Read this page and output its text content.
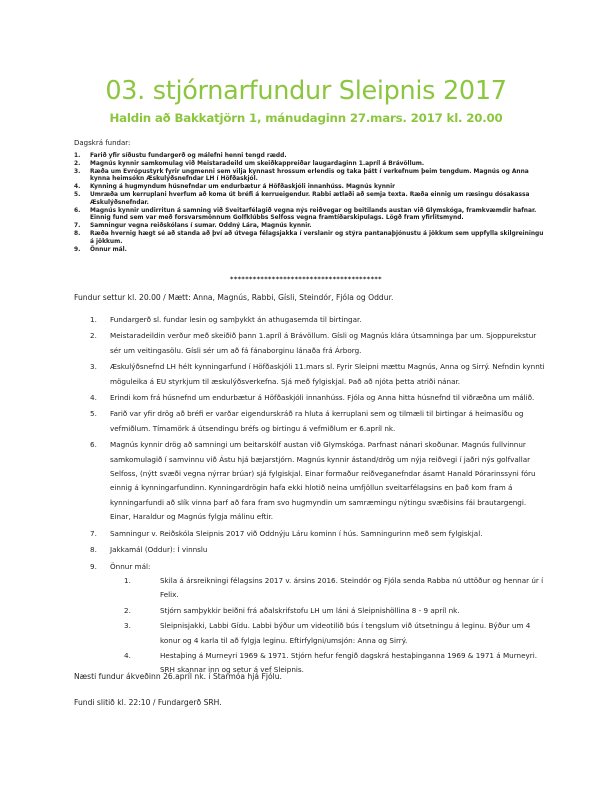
03. stjórnarfundur Sleipnis 2017
Haldin að Bakkatjörn 1, mánudaginn 27.mars. 2017 kl. 20.00
Dagskrá fundar:
1. Farið yfir síðustu fundargerð og málefni henni tengd rædd.
2. Magnús kynnir samkomulag við Meistaradeild um skeiðkappreiðar laugardaginn 1.apríl á Brávöllum.
3. Ræða um Evrópustyrk fyrir ungmenni sem vilja kynnast hrossum erlendis og taka þátt í verkefnum þeim tengdum. Magnús og Anna kynna heimsókn Æskulýðsnefndar LH í Höfðaskjól.
4. Kynning á hugmyndum húsnefndar um endurbætur á Höfðaskjóli innanhúss. Magnús kynnir
5. Umræða um kerruplani hverfum að koma út bréfi á kerrueigendur. Rabbi ætlaði að semja texta. Ræða einnig um ræsingu dósakassa Æskulýðsnefndar.
6. Magnús kynnir undirritun á samning við Sveitarfélagið vegna nýs reiðvegar og beitilands austan við Glymskóga, framkvæmdir hafnar. Einnig fund sem var með forsvarsmönnum Golfklúbbs Selfoss vegna framtíðarskipulags. Lögð fram yfirlitsmynd.
7. Samningur vegna reiðskólans í sumar. Oddný Lára, Magnús kynnir.
8. Ræða hvernig hægt sé að standa að því að útvega félagsjakka í verslanir og stýra pantanaþjónustu á jökkum sem uppfylla skilgreiningu á jökkum.
9. Önnur mál.
****************************************
Fundur settur kl. 20.00 / Mætt: Anna, Magnús, Rabbi, Gísli, Steindór, Fjóla og Oddur.
1. Fundargerð sl. fundar lesin og samþykkt án athugasemda til birtingar.
2. Meistaradeildin verður með skeiðið þann 1.apríl á Brávöllum. Gísli og Magnús klára útsamninga þar um. Sjoppurekstur sér um veitingasölu. Gísli sér um að fá fánaborginu lánaða frá Árborg.
3. Æskulýðsnefnd LH hélt kynningarfund í Höfðaskjóli 11.mars sl. Fyrir Sleipni mættu Magnús, Anna og Sirrý. Nefndin kynnti möguleika á EU styrkjum til æskulýðsverkefna. Sjá með fylgiskjal. Það að njóta þetta atriði nánar.
4. Erindi kom frá húsnefnd um endurbætur á Höfðaskjóli innanhúss. Fjóla og Anna hitta húsnefnd til viðræðna um málið.
5. Farið var yfir drög að bréfi er varðar eigendurskráð ra hluta á kerruplani sem og tilmæli til birtingar á heimasíðu og vefmiðlum. Tímamörk á útsendingu bréfs og birtingu á vefmiðlum er 6.apríl nk.
6. Magnús kynnir drög að samningi um beitarskólf austan við Glymskóga. Þarfnast nánari skoðunar. Magnús fullvinnur samkomulagið í samvinnu við Ástu hjá bæjarstjórn. Magnús kynnir ástand/drög um nýja reiðvegi í jaðri nýs golfvallar Selfoss, (nýtt svæði vegna nýrrar brúar) sjá fylgiskjal. Einar formaður reiðveganefndar ásamt Hanald Þórarinssyni fóru einnig á kynningarfundinn. Kynningardrögin hafa ekki hlotið neina umfjöllun sveitarfélagsins en það kom fram á kynningarfundi að slík vinna þarf að fara fram svo hugmyndin um samræmingu nýtingu svæðisins fái brautargengi. Einar, Haraldur og Magnús fylgja málinu eftir.
7. Samningur v. Reiðskóla Sleipnis 2017 við Oddnýju Láru kominn í hús. Samningurinn með sem fylgiskjal.
8. Jakkamál (Oddur): Í vinnslu
9. Önnur mál:
1.	Skila á ársreikningi félagsins 2017 v. ársins 2016. Steindór og Fjóla senda Rabba nú uttöður og hennar úr í Felix.
2.	Stjórn samþykkir beiðni frá aðalskrifstofu LH um láni á Sleipnishöllina 8 - 9 apríl nk.
3.	Sleipnisjakki, Labbi Gídu. Labbi býður um videotilið bús í tengslum við útsetningu á leginu. Býður um 4 konur og 4 karla til að fylgja leginu. Eftirfylgni/umsjón: Anna og Sirrý.
4.	Hestaþing á Murneyri 1969 & 1971. Stjórn hefur fengið dagskrá hestaþinganna 1969 & 1971 á Murneyri. SRH skannar inn og setur á vef Sleipnis.
Næsti fundur ákveðinn 26.apríl nk. í Starmóa hjá Fjólu.
Fundi slitið kl. 22:10 / Fundargerð SRH.
